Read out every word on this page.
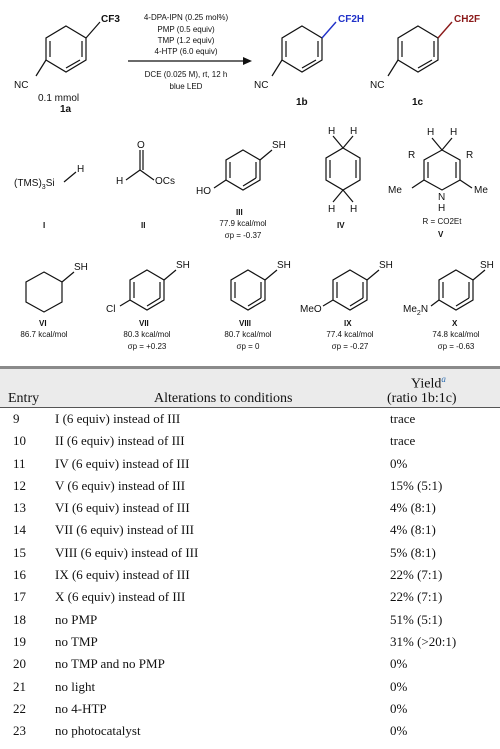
CF3
NC
0.1 mmol
1a
4-DPA-IPN (0.25 mol%)
PMP (0.5 equiv)
TMP (1.2 equiv)
4-HTP (6.0 equiv)
DCE (0.025 M), rt, 12 h
blue LED
CF2H
NC
1b
CH2F
NC
1c
$(TMS)_3Si$
H
I
H
O
OCs
II
SH
HO
III
77.9 kcal/mol
σp = -0.37
H H
H H
IV
H H
R	R
Me	Me
N
H
R = CO2Et
V
SH
VI
86.7 kcal/mol
SH
Cl
VII
80.3 kcal/mol
σp = +0.23
SH
VIII
80.7 kcal/mol
σp = 0
SH
MeO
IX
77.4 kcal/mol
σp = -0.27
SH
$Me_2N$
X
74.8 kcal/mol
σp = -0.63
Entry	Alterations to conditions
Yield$^a$
(ratio 1b:1c)
9	I (6 equiv) instead of III	trace
10 II (6 equiv) instead of III	trace
11 IV (6 equiv) instead of III	0%
12 V (6 equiv) instead of III	15% (5:1)
13 VI (6 equiv) instead of III	4% (8:1)
14 VII (6 equiv) instead of III	4% (8:1)
15 VIII (6 equiv) instead of III	5% (8:1)
16 IX (6 equiv) instead of III	22% (7:1)
17 X (6 equiv) instead of III	22% (7:1)
18 no PMP	51% (5:1)
19 no TMP	31% (>20:1)
20 no TMP and no PMP	0%
21 no light	0%
22 no 4-HTP	0%
23 no photocatalyst	0%
